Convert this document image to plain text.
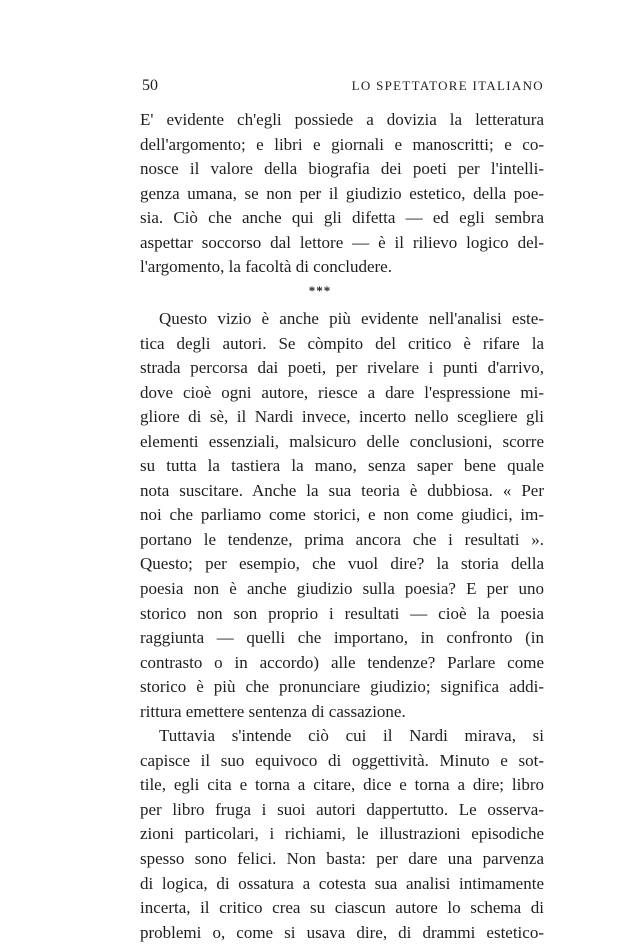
50	LO SPETTATORE ITALIANO
E' evidente ch'egli possiede a dovizia la letteratura
dell'argomento; e libri e giornali e manoscritti; e co-
nosce il valore della biografia dei poeti per l'intelli-
genza umana, se non per il giudizio estetico, della poe-
sia. Ciò che anche qui gli difetta — ed egli sembra
aspettar soccorso dal lettore — è il rilievo logico del-
l'argomento, la facoltà di concludere.
***
Questo vizio è anche più evidente nell'analisi este-
tica degli autori. Se còmpito del critico è rifare la
strada percorsa dai poeti, per rivelare i punti d'arrivo,
dove cioè ogni autore, riesce a dare l'espressione mi-
gliore di sè, il Nardi invece, incerto nello scegliere gli
elementi essenziali, malsicuro delle conclusioni, scorre
su tutta la tastiera la mano, senza saper bene quale
nota suscitare. Anche la sua teoria è dubbiosa. « Per
noi che parliamo come storici, e non come giudici, im-
portano le tendenze, prima ancora che i resultati ».
Questo; per esempio, che vuol dire? la storia della
poesia non è anche giudizio sulla poesia? E per uno
storico non son proprio i resultati — cioè la poesia
raggiunta — quelli che importano, in confronto (in
contrasto o in accordo) alle tendenze? Parlare come
storico è più che pronunciare giudizio; significa addi-
rittura emettere sentenza di cassazione.
Tuttavia s'intende ciò cui il Nardi mirava, si
capisce il suo equivoco di oggettività. Minuto e sot-
tile, egli cita e torna a citare, dice e torna a dire; libro
per libro fruga i suoi autori dappertutto. Le osserva-
zioni particolari, i richiami, le illustrazioni episodiche
spesso sono felici. Non basta: per dare una parvenza
di logica, di ossatura a cotesta sua analisi intimamente
incerta, il critico crea su ciascun autore lo schema di
problemi o, come si usava dire, di drammi estetico-
